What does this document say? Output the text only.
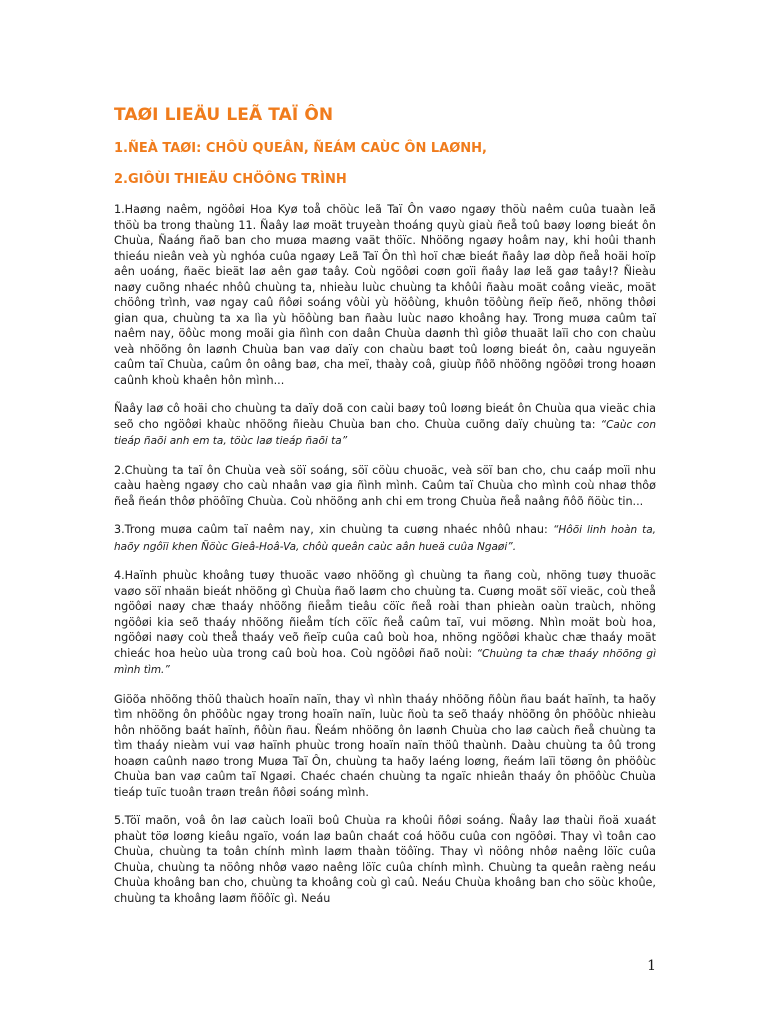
TAØI LIEÄU LEÃ TAÏ ÔN
1.ÑEÀ TAØI: CHÔÙ QUEÂN, ÑEÁM CAÙC ÔN LAØNH,
2.GIÔÙI THIEÄU CHÖÔNG TRÌNH

1.Haøng naêm, ngöôøi Hoa Kyø toå chöùc leã Taï Ôn vaøo ngaøy thöù naêm cuûa tuaàn leã thöù ba trong thaùng 11. Ñaây laø moät truyeàn thoáng quyù giaù ñeå toû baøy loøng bieát ôn Chuùa, Ñaáng ñaõ ban cho muøa maøng vaät thöïc. Nhöõng ngaøy hoâm nay, khi hoûi thanh thieáu nieân veà yù nghóa cuûa ngaøy Leã Taï Ôn thì hoï chæ bieát ñaây laø dòp ñeå hoäi hoïp aên uoáng, ñaëc bieät laø aên gaø taây. Coù ngöôøi coøn goïi ñaây laø leã gaø taây!? Ñieàu naøy cuõng nhaéc nhôû chuùng ta, nhieàu luùc chuùng ta khôûi ñaàu moät coâng vieäc, moät chöông trình, vaø ngay caû ñôøi soáng vôùi yù höôùng, khuôn töôùng ñeïp ñeõ, nhöng thôøi gian qua, chuùng ta xa lìa yù höôùng ban ñaàu luùc naøo khoâng hay. Trong muøa caûm taï naêm nay, öôùc mong moãi gia ñình con daân Chuùa daønh thì giôø thuaät laïi cho con chaùu veà nhöõng ôn laønh Chuùa ban vaø daïy con chaùu baøt toû loøng bieát ôn, caàu nguyeän caûm taï Chuùa, caûm ôn oâng baø, cha meï, thaày coâ, giuùp ñôõ nhöõng ngöôøi trong hoaøn caûnh khoù khaên hôn mình...

Ñaây laø cô hoäi cho chuùng ta daïy doã con caùi baøy toû loøng bieát ôn Chuùa qua vieäc chia seõ cho ngöôøi khaùc nhöõng ñieàu Chuùa ban cho. Chuùa cuõng daïy chuùng ta: “Caùc con tieáp ñaõi anh em ta, töùc laø tieáp ñaõi ta”

2.Chuùng ta taï ôn Chuùa veà söï soáng, söï cöùu chuoäc, veà söï ban cho, chu caáp moïi nhu caàu haèng ngaøy cho caù nhaân vaø gia ñình mình. Caûm taï Chuùa cho mình coù nhaø thôø ñeå ñeán thôø phöôïng Chuùa. Coù nhöõng anh chi em trong Chuùa ñeå naâng ñôõ ñöùc tin...

3.Trong muøa caûm taï naêm nay, xin chuùng ta cuøng nhaéc nhôû nhau: “Hôõi linh hoàn ta, haõy ngôïi khen Ñöùc Gieâ-Hoâ-Va, chôù queân caùc aân hueä cuûa Ngaøi”.

4.Haïnh phuùc khoâng tuøy thuoäc vaøo nhöõng gì chuùng ta ñang coù, nhöng tuøy thuoäc vaøo söï nhaän bieát nhöõng gì Chuùa ñaõ laøm cho chuùng ta. Cuøng moät söï vieäc, coù theå ngöôøi naøy chæ thaáy nhöõng ñieåm tieâu cöïc ñeå roài than phieàn oaùn traùch, nhöng ngöôøi kia seõ thaáy nhöõng ñieåm tích cöïc ñeå caûm taï, vui möøng. Nhìn moät boù hoa, ngöôøi naøy coù theå thaáy veõ ñeïp cuûa caû boù hoa, nhöng ngöôøi khaùc chæ thaáy moät chieác hoa heùo uùa trong caû boù hoa. Coù ngöôøi ñaõ noùi: “Chuùng ta chæ thaáy nhöõng gì mình tìm.”

Giöõa nhöõng thöû thaùch hoaïn naïn, thay vì nhìn thaáy nhöõng ñôùn ñau baát haïnh, ta haõy tìm nhöõng ôn phöôùc ngay trong hoaïn naïn, luùc ñoù ta seõ thaáy nhöõng ôn phöôùc nhieàu hôn nhöõng baát haïnh, ñôùn ñau. Ñeám nhöõng ôn laønh Chuùa cho laø caùch ñeå chuùng ta tìm thaáy nieàm vui vaø haïnh phuùc trong hoaïn naïn thöû thaùnh. Daàu chuùng ta ôû trong hoaøn caûnh naøo trong Muøa Taï Ôn, chuùng ta haõy laéng loøng, ñeám laïi töøng ôn phöôùc Chuùa ban vaø caûm taï Ngaøi. Chaéc chaén chuùng ta ngaïc nhieân thaáy ôn phöôùc Chuùa tieáp tuïc tuoân traøn treân ñôøi soáng mình.

5.Töï maõn, voâ ôn laø caùch loaïi boû Chuùa ra khoûi ñôøi soáng. Ñaây laø thaùi ñoä xuaát phaùt töø loøng kieâu ngaïo, voán laø baûn chaát coá höõu cuûa con ngöôøi. Thay vì toân cao Chuùa, chuùng ta toân chính mình laøm thaàn töôïng. Thay vì nöông nhôø naêng löïc cuûa Chuùa, chuùng ta nöông nhôø vaøo naêng löïc cuûa chính mình. Chuùng ta queân raèng neáu Chuùa khoâng ban cho, chuùng ta khoâng coù gì caû. Neáu Chuùa khoâng ban cho söùc khoûe, chuùng ta khoâng laøm ñöôïc gì. Neáu

1
